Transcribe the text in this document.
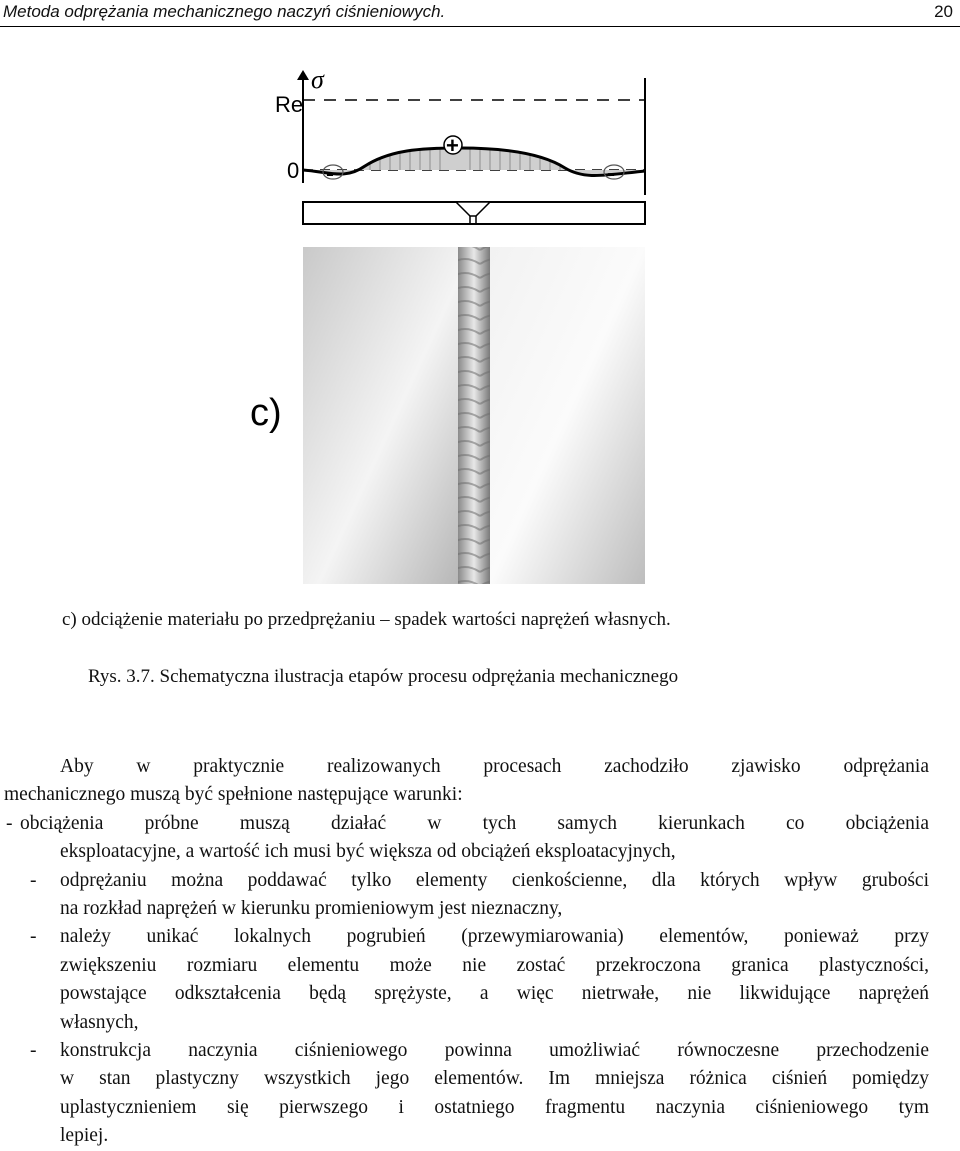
Metoda odprężania mechanicznego naczyń ciśnieniowych.	20
σ
Re
0
+
-	-
c)
c) odciążenie materiału po przedprężaniu – spadek wartości naprężeń własnych.
Rys. 3.7. Schematyczna ilustracja etapów procesu odprężania mechanicznego
Aby w praktycznie realizowanych procesach zachodziło zjawisko odprężania
mechanicznego muszą być spełnione następujące warunki:
- obciążenia próbne muszą działać w tych samych kierunkach co obciążenia
eksploatacyjne, a wartość ich musi być większa od obciążeń eksploatacyjnych,
-	odprężaniu można poddawać tylko elementy cienkościenne, dla których wpływ grubości
na rozkład naprężeń w kierunku promieniowym jest nieznaczny,
-	należy unikać lokalnych pogrubień (przewymiarowania) elementów, ponieważ przy
zwiększeniu rozmiaru elementu może nie zostać przekroczona granica plastyczności,
powstające odkształcenia będą sprężyste, a więc nietrwałe, nie likwidujące naprężeń
własnych,
-	konstrukcja naczynia ciśnieniowego powinna umożliwiać równoczesne przechodzenie
w stan plastyczny wszystkich jego elementów. Im mniejsza różnica ciśnień pomiędzy
uplastycznieniem się pierwszego i ostatniego fragmentu naczynia ciśnieniowego tym
lepiej.
